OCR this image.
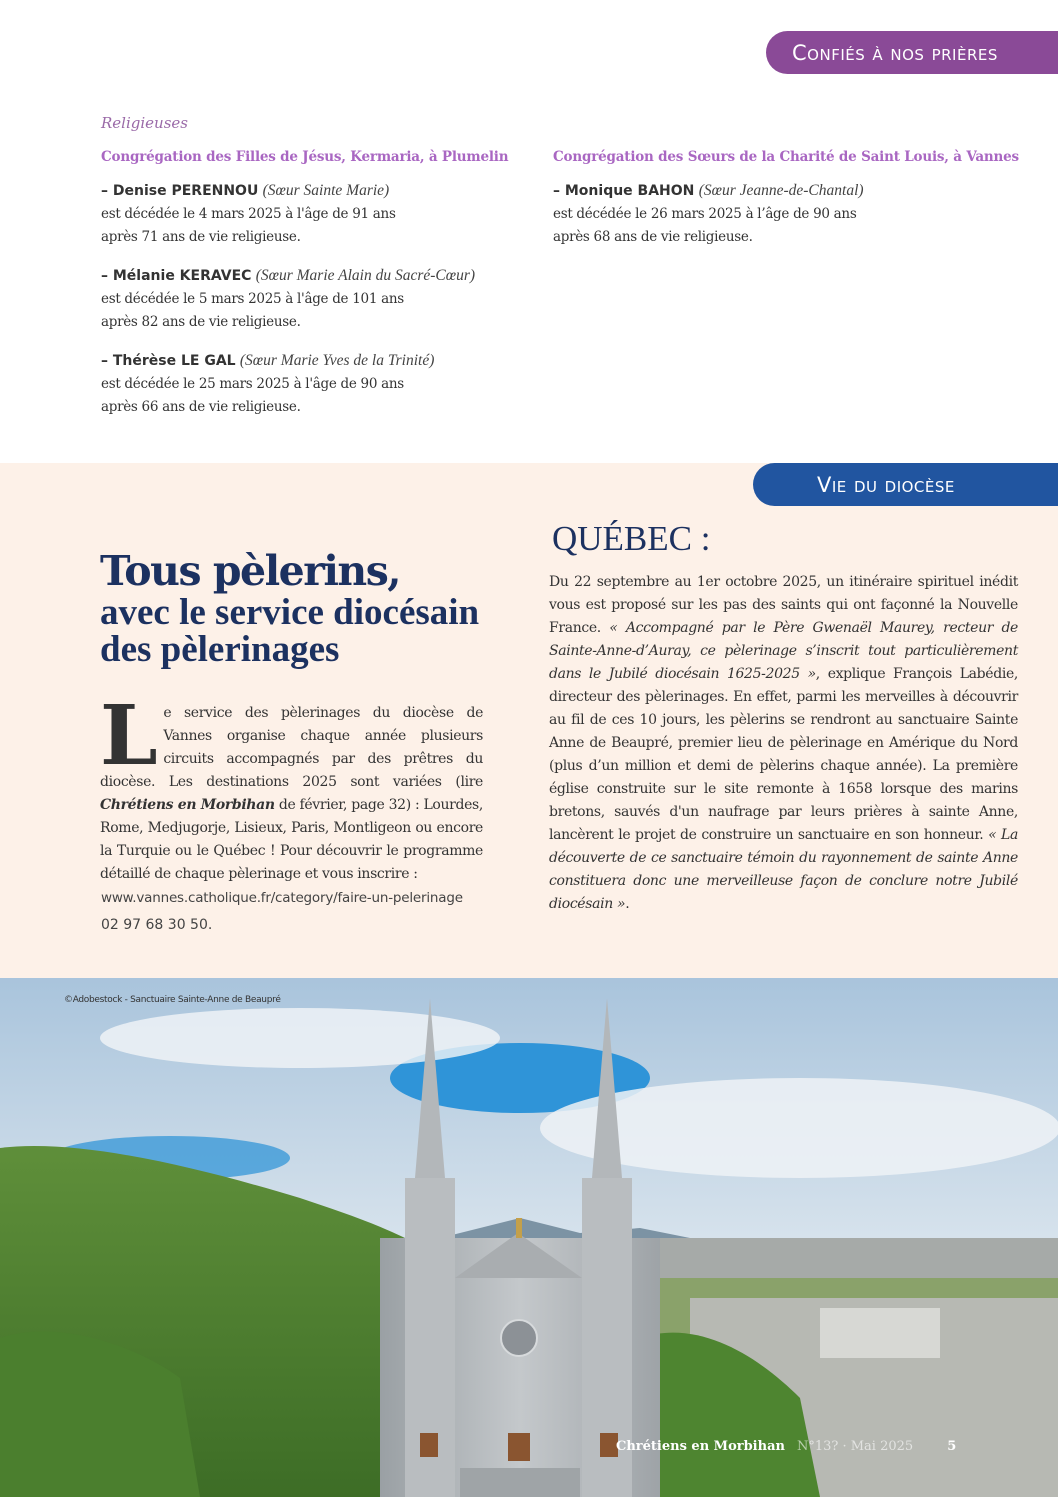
Confiés à nos prières
Religieuses
Congrégation des Filles de Jésus, Kermaria, à Plumelin
– Denise PERENNOU (Sœur Sainte Marie)
est décédée le 4 mars 2025 à l'âge de 91 ans
après 71 ans de vie religieuse.
– Mélanie KERAVEC (Sœur Marie Alain du Sacré-Cœur)
est décédée le 5 mars 2025 à l'âge de 101 ans
après 82 ans de vie religieuse.
– Thérèse LE GAL (Sœur Marie Yves de la Trinité)
est décédée le 25 mars 2025 à l'âge de 90 ans
après 66 ans de vie religieuse.
Congrégation des Sœurs de la Charité de Saint Louis, à Vannes
– Monique BAHON (Sœur Jeanne-de-Chantal)
est décédée le 26 mars 2025 à l’âge de 90 ans
après 68 ans de vie religieuse.
Vie du diocèse
Tous pèlerins,
avec le service diocésain des pèlerinages
Le service des pèlerinages du diocèse de Vannes organise chaque année plusieurs circuits accompagnés par des prêtres du diocèse. Les destinations 2025 sont variées (lire Chrétiens en Morbihan de février, page 32) : Lourdes, Rome, Medjugorje, Lisieux, Paris, Montligeon ou encore la Turquie ou le Québec ! Pour découvrir le programme détaillé de chaque pèlerinage et vous inscrire :
www.vannes.catholique.fr/category/faire-un-pelerinage
02 97 68 30 50.
QUÉBEC :
Du 22 septembre au 1er octobre 2025, un itinéraire spirituel inédit vous est proposé sur les pas des saints qui ont façonné la Nouvelle France. « Accompagné par le Père Gwenaël Maurey, recteur de Sainte-Anne-d’Auray, ce pèlerinage s’inscrit tout particulièrement dans le Jubilé diocésain 1625-2025 », explique François Labédie, directeur des pèlerinages. En effet, parmi les merveilles à découvrir au fil de ces 10 jours, les pèlerins se rendront au sanctuaire Sainte Anne de Beaupré, premier lieu de pèlerinage en Amérique du Nord (plus d’un million et demi de pèlerins chaque année). La première église construite sur le site remonte à 1658 lorsque des marins bretons, sauvés d'un naufrage par leurs prières à sainte Anne, lancèrent le projet de construire un sanctuaire en son honneur. « La découverte de ce sanctuaire témoin du rayonnement de sainte Anne constituera donc une merveilleuse façon de conclure notre Jubilé diocésain ».
©Adobestock - Sanctuaire Sainte-Anne de Beaupré
Chrétiens en Morbihan N°13? · Mai 2025	5
